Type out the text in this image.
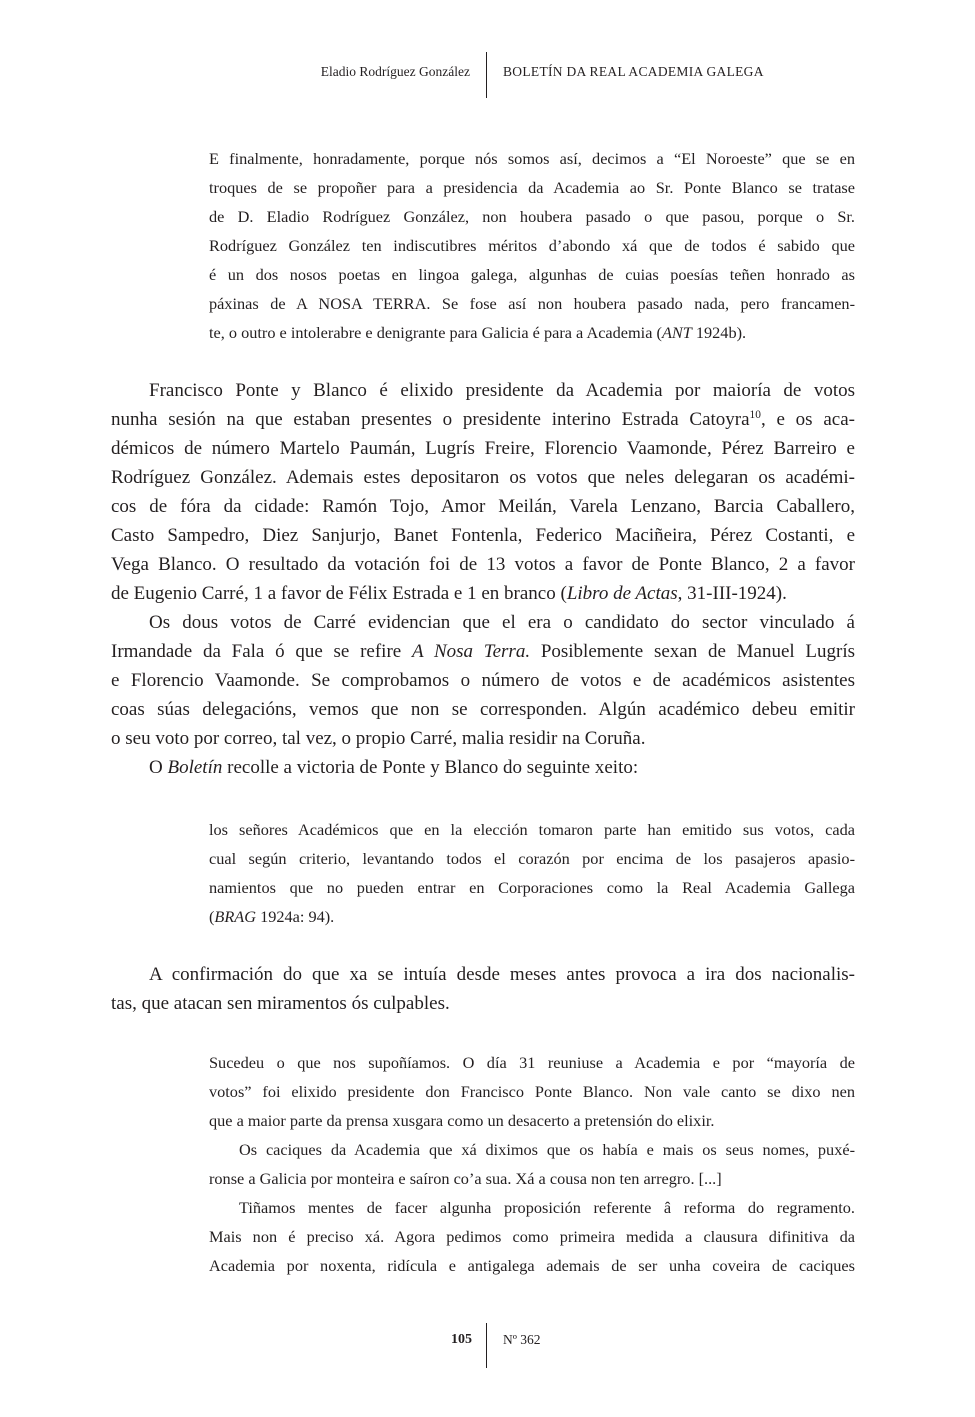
Eladio Rodríguez González BOLETÍN DA REAL ACADEMIA GALEGA
E finalmente, honradamente, porque nós somos así, decimos a “El Noroeste” que se en
troques de se propoñer para a presidencia da Academia ao Sr. Ponte Blanco se tratase
de D. Eladio Rodríguez González, non houbera pasado o que pasou, porque o Sr.
Rodríguez González ten indiscutibres méritos d’abondo xá que de todos é sabido que
é un dos nosos poetas en lingoa galega, algunhas de cuias poesías teñen honrado as
páxinas de A NOSA TERRA. Se fose así non houbera pasado nada, pero francamen-
te, o outro e intolerabre e denigrante para Galicia é para a Academia (ANT 1924b).
Francisco Ponte y Blanco é elixido presidente da Academia por maioría de votos
nunha sesión na que estaban presentes o presidente interino Estrada Catoyra$^{10}$, e os aca-
démicos de número Martelo Paumán, Lugrís Freire, Florencio Vaamonde, Pérez Barreiro e
Rodríguez González. Ademais estes depositaron os votos que neles delegaran os académi-
cos de fóra da cidade: Ramón Tojo, Amor Meilán, Varela Lenzano, Barcia Caballero,
Casto Sampedro, Diez Sanjurjo, Banet Fontenla, Federico Maciñeira, Pérez Costanti, e
Vega Blanco. O resultado da votación foi de 13 votos a favor de Ponte Blanco, 2 a favor
de Eugenio Carré, 1 a favor de Félix Estrada e 1 en branco (Libro de Actas, 31-III-1924).
Os dous votos de Carré evidencian que el era o candidato do sector vinculado á
Irmandade da Fala ó que se refire A Nosa Terra. Posiblemente sexan de Manuel Lugrís
e Florencio Vaamonde. Se comprobamos o número de votos e de académicos asistentes
coas súas delegacións, vemos que non se corresponden. Algún académico debeu emitir
o seu voto por correo, tal vez, o propio Carré, malia residir na Coruña.
O Boletín recolle a victoria de Ponte y Blanco do seguinte xeito:
los señores Académicos que en la elección tomaron parte han emitido sus votos, cada
cual según criterio, levantando todos el corazón por encima de los pasajeros apasio-
namientos que no pueden entrar en Corporaciones como la Real Academia Gallega
(BRAG 1924a: 94).
A confirmación do que xa se intuía desde meses antes provoca a ira dos nacionalis-
tas, que atacan sen miramentos ós culpables.
Sucedeu o que nos supoñíamos. O día 31 reuniuse a Academia e por “mayoría de
votos” foi elixido presidente don Francisco Ponte Blanco. Non vale canto se dixo nen
que a maior parte da prensa xusgara como un desacerto a pretensión do elixir.
Os caciques da Academia que xá diximos que os había e mais os seus nomes, puxé-
ronse a Galicia por monteira e saíron co’a sua. Xá a cousa non ten arregro. [...]
Tiñamos mentes de facer algunha proposición referente â reforma do regramento.
Mais non é preciso xá. Agora pedimos como primeira medida a clausura difinitiva da
Academia por noxenta, ridícula e antigalega ademais de ser unha coveira de caciques
105 Nº 362
